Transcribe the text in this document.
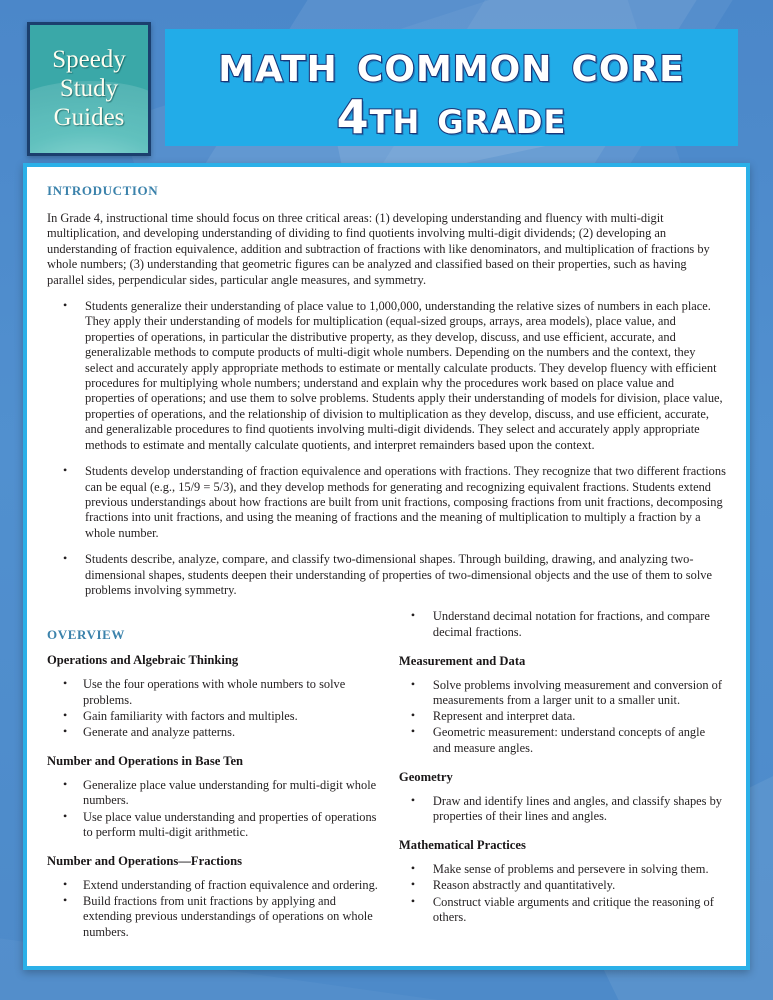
Speedy
Study
Guides
math common core
4th grade
introduction

In Grade 4, instructional time should focus on three critical areas: (1) developing understanding and fluency with multi-digit multiplication, and developing understanding of dividing to find quotients involving multi-digit dividends; (2) developing an understanding of fraction equivalence, addition and subtraction of fractions with like denominators, and multiplication of fractions by whole numbers; (3) understanding that geometric figures can be analyzed and classified based on their properties, such as having parallel sides, perpendicular sides, particular angle measures, and symmetry.

• Students generalize their understanding of place value to 1,000,000, understanding the relative sizes of numbers in each place. They apply their understanding of models for multiplication (equal-sized groups, arrays, area models), place value, and properties of operations, in particular the distributive property, as they develop, discuss, and use efficient, accurate, and generalizable methods to compute products of multi-digit whole numbers. Depending on the numbers and the context, they select and accurately apply appropriate methods to estimate or mentally calculate products. They develop fluency with efficient procedures for multiplying whole numbers; understand and explain why the procedures work based on place value and properties of operations; and use them to solve problems. Students apply their understanding of models for division, place value, properties of operations, and the relationship of division to multiplication as they develop, discuss, and use efficient, accurate, and generalizable procedures to find quotients involving multi-digit dividends. They select and accurately apply appropriate methods to estimate and mentally calculate quotients, and interpret remainders based upon the context.
• Students develop understanding of fraction equivalence and operations with fractions. They recognize that two different fractions can be equal (e.g., 15/9 = 5/3), and they develop methods for generating and recognizing equivalent fractions. Students extend previous understandings about how fractions are built from unit fractions, composing fractions from unit fractions, decomposing fractions into unit fractions, and using the meaning of fractions and the meaning of multiplication to multiply a fraction by a whole number.
• Students describe, analyze, compare, and classify two-dimensional shapes. Through building, drawing, and analyzing two-dimensional shapes, students deepen their understanding of properties of two-dimensional objects and the use of them to solve problems involving symmetry.
overview
Operations and Algebraic Thinking
• Use the four operations with whole numbers to solve problems.
• Gain familiarity with factors and multiples.
• Generate and analyze patterns.
Number and Operations in Base Ten
• Generalize place value understanding for multi-digit whole numbers.
• Use place value understanding and properties of operations to perform multi-digit arithmetic.
Number and Operations—Fractions
• Extend understanding of fraction equivalence and ordering.
• Build fractions from unit fractions by applying and extending previous understandings of operations on whole numbers.
• Understand decimal notation for fractions, and compare decimal fractions.
Measurement and Data
• Solve problems involving measurement and conversion of measurements from a larger unit to a smaller unit.
• Represent and interpret data.
• Geometric measurement: understand concepts of angle and measure angles.
Geometry
• Draw and identify lines and angles, and classify shapes by properties of their lines and angles.
Mathematical Practices
• Make sense of problems and persevere in solving them.
• Reason abstractly and quantitatively.
• Construct viable arguments and critique the reasoning of others.
